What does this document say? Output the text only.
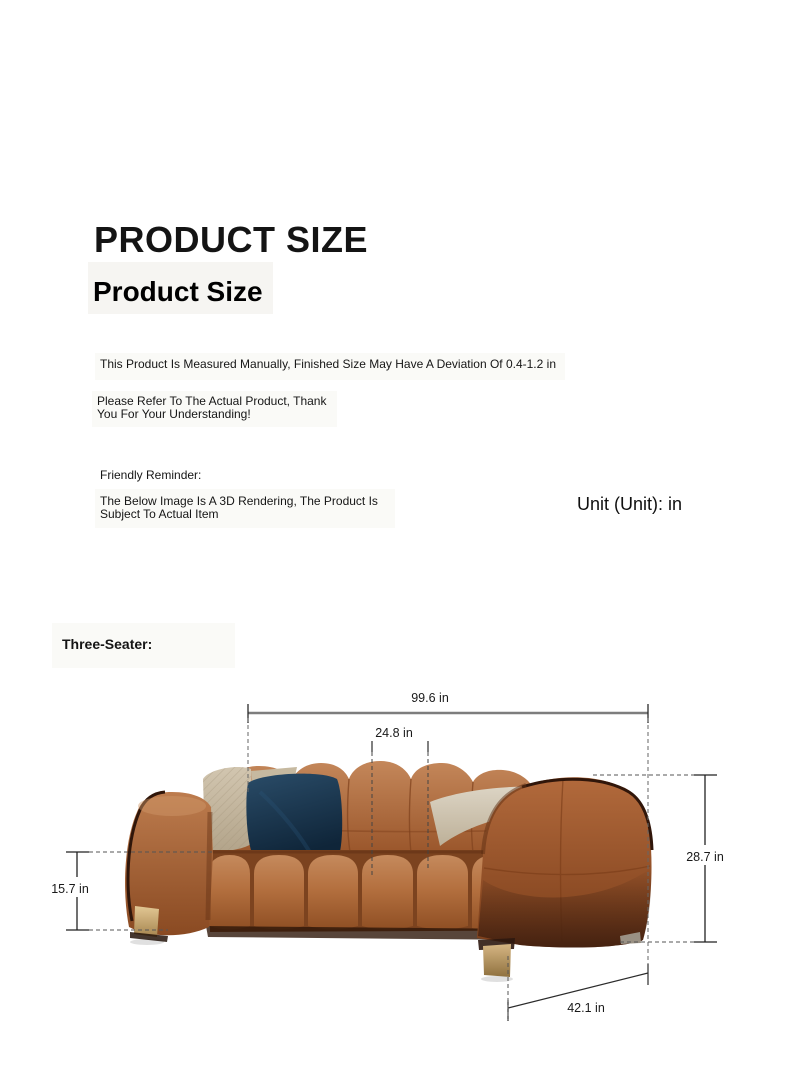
PRODUCT SIZE
Product Size
This Product Is Measured Manually, Finished Size May Have A Deviation Of 0.4-1.2 in
Please Refer To The Actual Product, Thank
You For Your Understanding!
Friendly Reminder:
The Below Image Is A 3D Rendering, The Product Is
Subject To Actual Item	Unit (Unit): in
Three-Seater:
99.6 in
24.8 in
15.7 in
28.7 in
42.1 in
